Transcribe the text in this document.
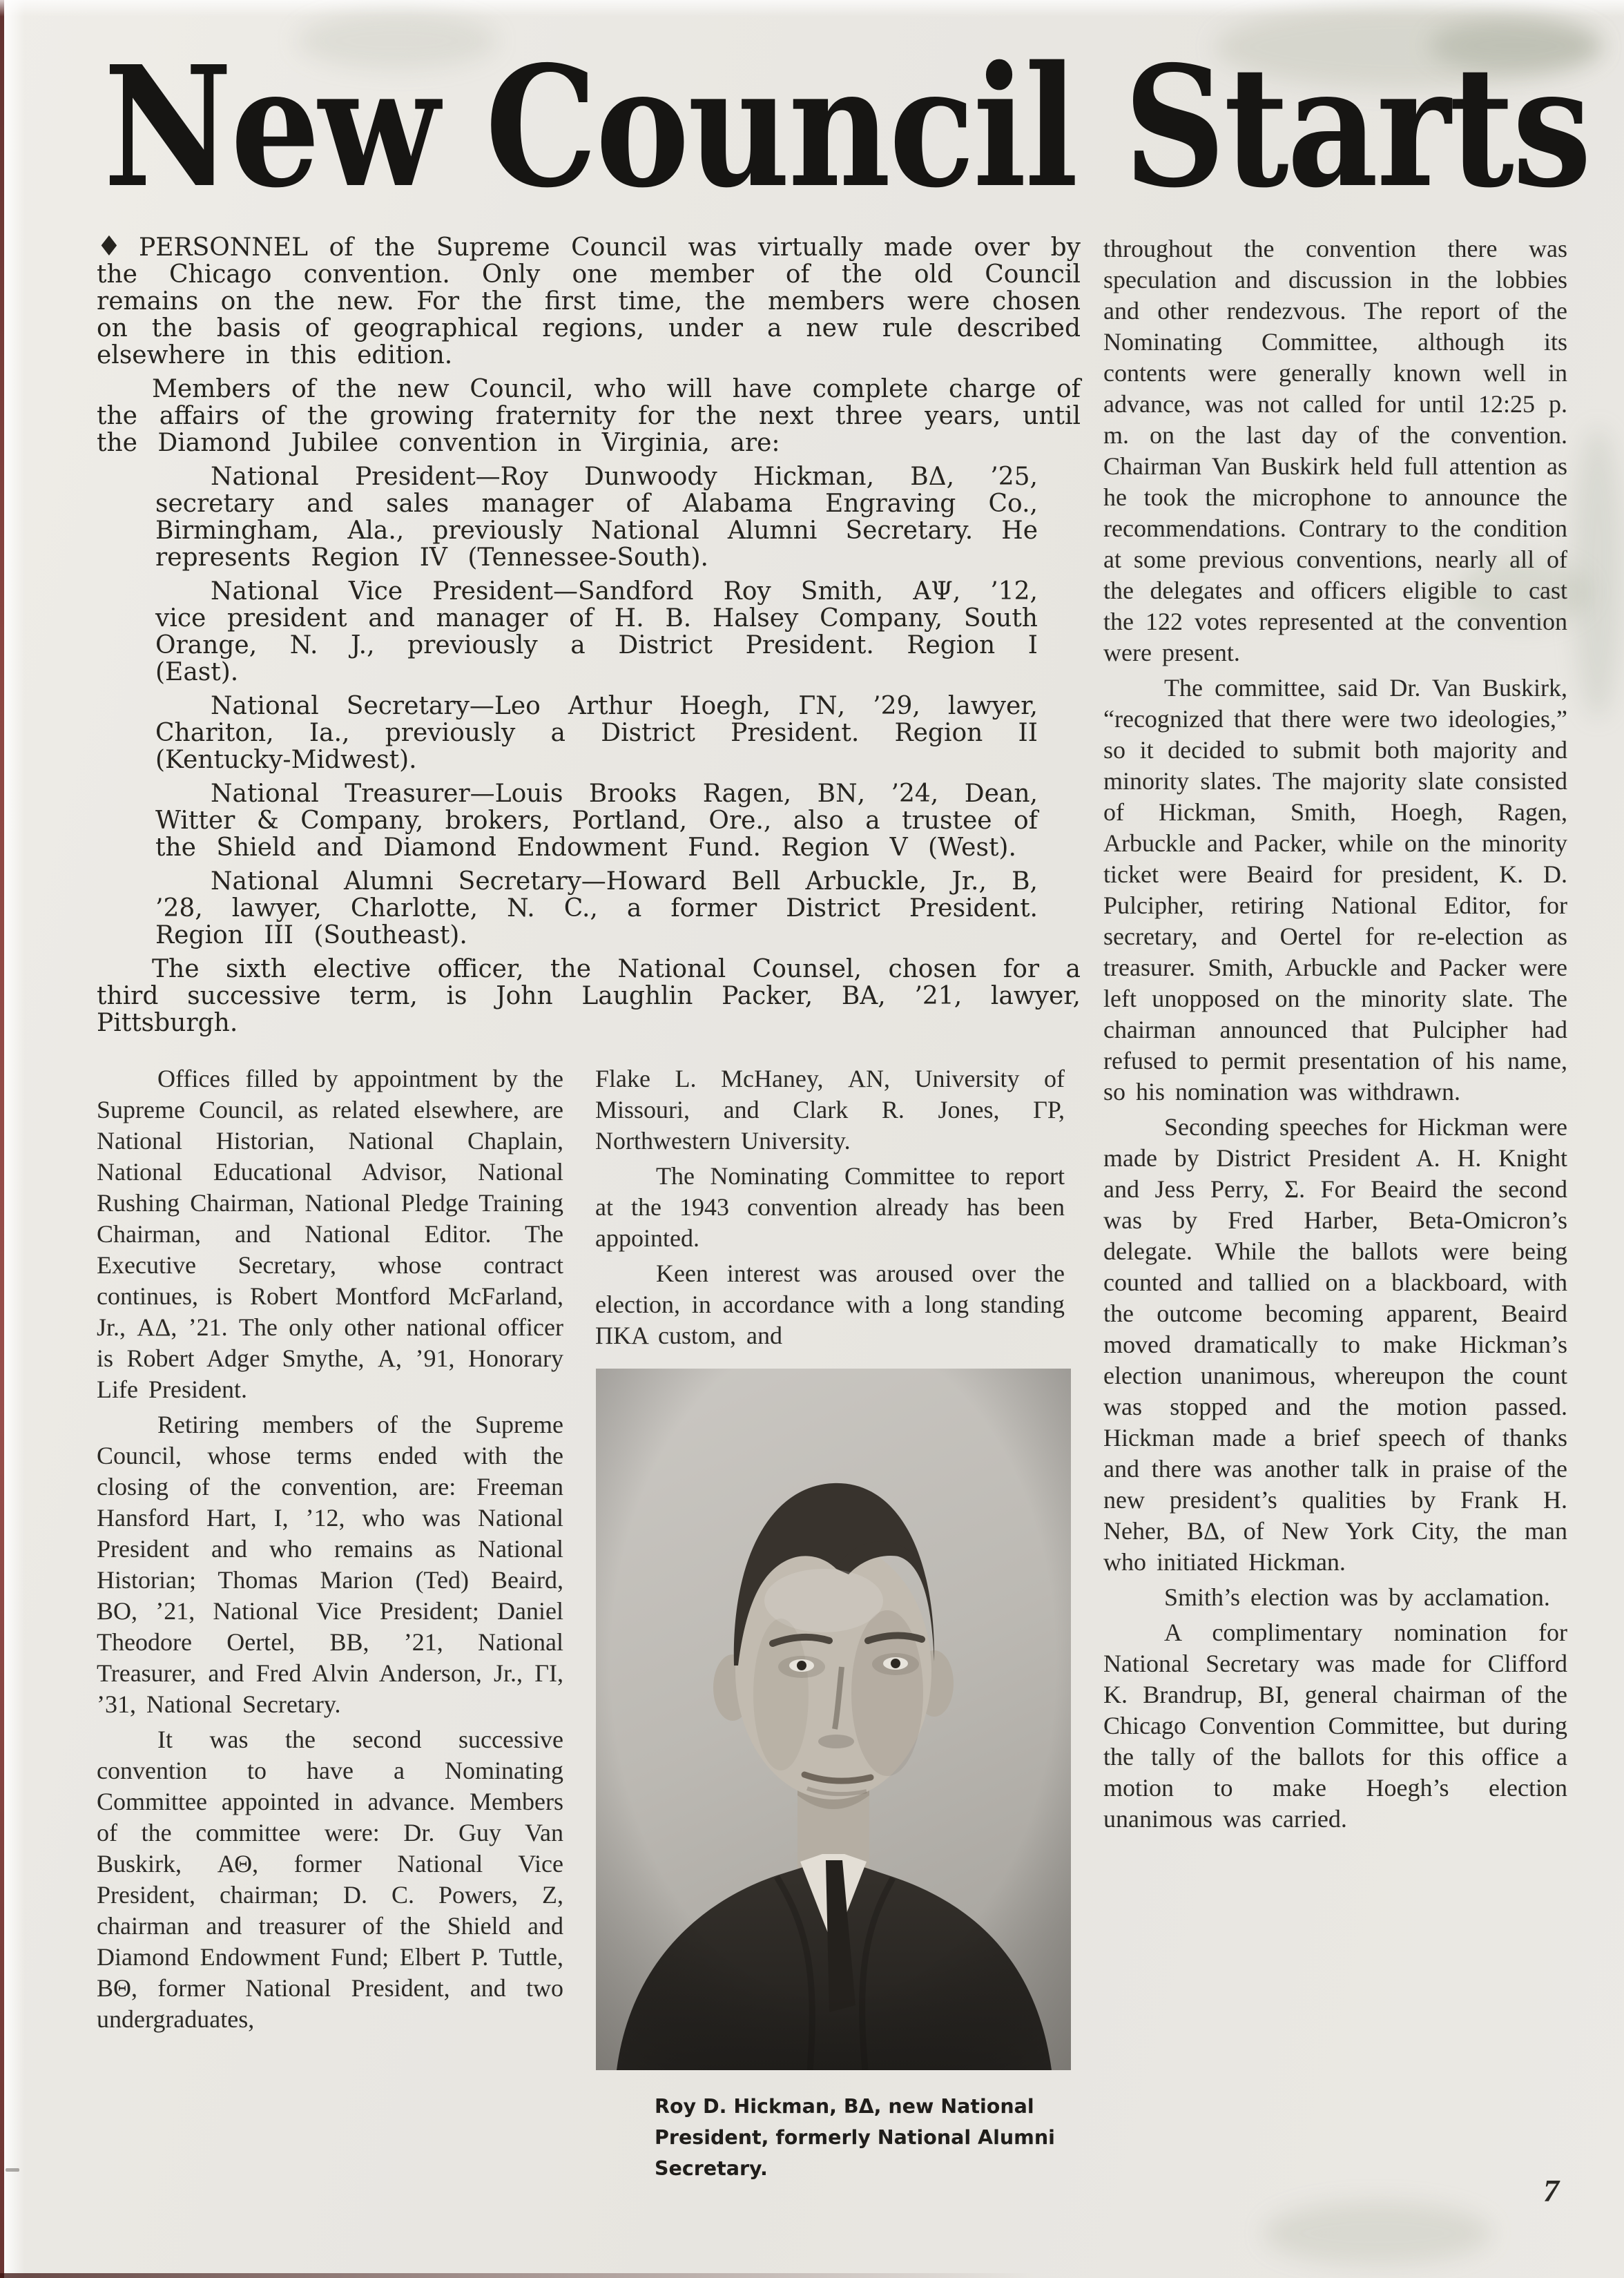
New Council Starts

♦ PERSONNEL of the Supreme Council was virtually made over by the Chicago convention. Only one member of the old Council remains on the new. For the first time, the members were chosen on the basis of geographical regions, under a new rule described elsewhere in this edition.

Members of the new Council, who will have complete charge of the affairs of the growing fraternity for the next three years, until the Diamond Jubilee convention in Virginia, are:

National President—Roy Dunwoody Hickman, ΒΔ, ’25, secretary and sales manager of Alabama Engraving Co., Birmingham, Ala., previously National Alumni Secretary. He represents Region IV (Tennessee-South).

National Vice President—Sandford Roy Smith, ΑΨ, ’12, vice president and manager of H. B. Halsey Company, South Orange, N. J., previously a District President. Region I (East).

National Secretary—Leo Arthur Hoegh, ΓΝ, ’29, lawyer, Chariton, Ia., previously a District President. Region II (Kentucky-Midwest).

National Treasurer—Louis Brooks Ragen, ΒΝ, ’24, Dean, Witter & Company, brokers, Portland, Ore., also a trustee of the Shield and Diamond Endowment Fund. Region V (West).

National Alumni Secretary—Howard Bell Arbuckle, Jr., Β, ’28, lawyer, Charlotte, N. C., a former District President. Region III (Southeast).

The sixth elective officer, the National Counsel, chosen for a third successive term, is John Laughlin Packer, ΒΑ, ’21, lawyer, Pittsburgh.

throughout the convention there was speculation and discussion in the lobbies and other rendezvous. The report of the Nominating Committee, although its contents were generally known well in advance, was not called for until 12:25 p. m. on the last day of the convention. Chairman Van Buskirk held full attention as he took the microphone to announce the recommendations. Contrary to the condition at some previous conventions, nearly all of the delegates and officers eligible to cast the 122 votes represented at the convention were present.

The committee, said Dr. Van Buskirk, “recognized that there were two ideologies,” so it decided to submit both majority and minority slates. The majority slate consisted of Hickman, Smith, Hoegh, Ragen, Arbuckle and Packer, while on the minority ticket were Beaird for president, K. D. Pulcipher, retiring National Editor, for secretary, and Oertel for re-election as treasurer. Smith, Arbuckle and Packer were left unopposed on the minority slate. The chairman announced that Pulcipher had refused to permit presentation of his name, so his nomination was withdrawn.

Seconding speeches for Hickman were made by District President A. H. Knight and Jess Perry, Σ. For Beaird the second was by Fred Harber, Beta-Omicron’s delegate. While the ballots were being counted and tallied on a blackboard, with the outcome becoming apparent, Beaird moved dramatically to make Hickman’s election unanimous, whereupon the count was stopped and the motion passed. Hickman made a brief speech of thanks and there was another talk in praise of the new president’s qualities by Frank H. Neher, ΒΔ, of New York City, the man who initiated Hickman.

Smith’s election was by acclamation.

A complimentary nomination for National Secretary was made for Clifford K. Brandrup, ΒΙ, general chairman of the Chicago Convention Committee, but during the tally of the ballots for this office a motion to make Hoegh’s election unanimous was carried.

Offices filled by appointment by the Supreme Council, as related elsewhere, are National Historian, National Chaplain, National Educational Advisor, National Rushing Chairman, National Pledge Training Chairman, and National Editor. The Executive Secretary, whose contract continues, is Robert Montford McFarland, Jr., ΑΔ, ’21. The only other national officer is Robert Adger Smythe, Α, ’91, Honorary Life President.

Retiring members of the Supreme Council, whose terms ended with the closing of the convention, are: Freeman Hansford Hart, Ι, ’12, who was National President and who remains as National Historian; Thomas Marion (Ted) Beaird, ΒΟ, ’21, National Vice President; Daniel Theodore Oertel, ΒΒ, ’21, National Treasurer, and Fred Alvin Anderson, Jr., ΓΙ, ’31, National Secretary.

It was the second successive convention to have a Nominating Committee appointed in advance. Members of the committee were: Dr. Guy Van Buskirk, ΑΘ, former National Vice President, chairman; D. C. Powers, Ζ, chairman and treasurer of the Shield and Diamond Endowment Fund; Elbert P. Tuttle, ΒΘ, former National President, and two undergraduates,

Flake L. McHaney, ΑΝ, University of Missouri, and Clark R. Jones, ΓΡ, Northwestern University.

The Nominating Committee to report at the 1943 convention already has been appointed.

Keen interest was aroused over the election, in accordance with a long standing ΠΚΑ custom, and

Roy D. Hickman, ΒΔ, new National President, formerly National Alumni Secretary.
7
